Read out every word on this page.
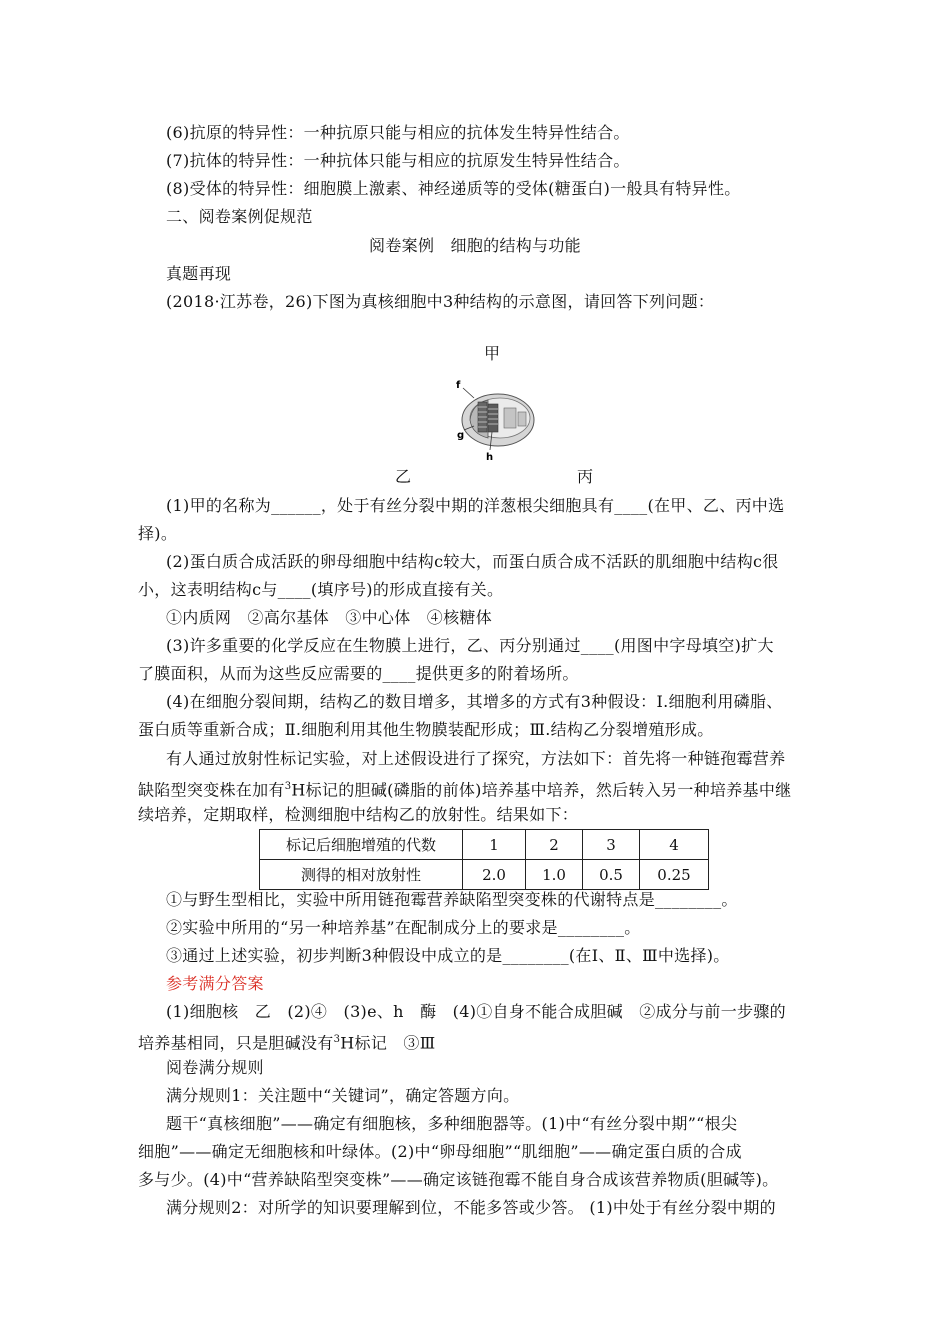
(6)抗原的特异性：一种抗原只能与相应的抗体发生特异性结合。
(7)抗体的特异性：一种抗体只能与相应的抗原发生特异性结合。
(8)受体的特异性：细胞膜上激素、神经递质等的受体(糖蛋白)一般具有特异性。
二、阅卷案例促规范
阅卷案例　细胞的结构与功能
真题再现
(2018·江苏卷，26)下图为真核细胞中3种结构的示意图，请回答下列问题：
甲
f
g
h
乙	丙
(1)甲的名称为______，处于有丝分裂中期的洋葱根尖细胞具有____(在甲、乙、丙中选
择)。
(2)蛋白质合成活跃的卵母细胞中结构c较大，而蛋白质合成不活跃的肌细胞中结构c很
小，这表明结构c与____(填序号)的形成直接有关。
①内质网　②高尔基体　③中心体　④核糖体
(3)许多重要的化学反应在生物膜上进行，乙、丙分别通过____(用图中字母填空)扩大
了膜面积，从而为这些反应需要的____提供更多的附着场所。
(4)在细胞分裂间期，结构乙的数目增多，其增多的方式有3种假设：Ⅰ.细胞利用磷脂、
蛋白质等重新合成；Ⅱ.细胞利用其他生物膜装配形成；Ⅲ.结构乙分裂增殖形成。
有人通过放射性标记实验，对上述假设进行了探究，方法如下：首先将一种链孢霉营养
缺陷型突变株在加有$^3$H标记的胆碱(磷脂的前体)培养基中培养，然后转入另一种培养基中继
续培养，定期取样，检测细胞中结构乙的放射性。结果如下：
标记后细胞增殖的代数	1	2	3	4
测得的相对放射性	2.0	1.0	0.5	0.25
①与野生型相比，实验中所用链孢霉营养缺陷型突变株的代谢特点是________。
②实验中所用的“另一种培养基”在配制成分上的要求是________。
③通过上述实验，初步判断3种假设中成立的是________(在Ⅰ、Ⅱ、Ⅲ中选择)。
参考满分答案
(1)细胞核　乙　(2)④　(3)e、h　酶　(4)①自身不能合成胆碱　②成分与前一步骤的
培养基相同，只是胆碱没有$^3$H标记　③Ⅲ
阅卷满分规则
满分规则1：关注题中“关键词”，确定答题方向。
题干“真核细胞”——确定有细胞核，多种细胞器等。(1)中“有丝分裂中期”“根尖
细胞”——确定无细胞核和叶绿体。(2)中“卵母细胞”“肌细胞”——确定蛋白质的合成
多与少。(4)中“营养缺陷型突变株”——确定该链孢霉不能自身合成该营养物质(胆碱等)。
满分规则2：对所学的知识要理解到位，不能多答或少答。 (1)中处于有丝分裂中期的
